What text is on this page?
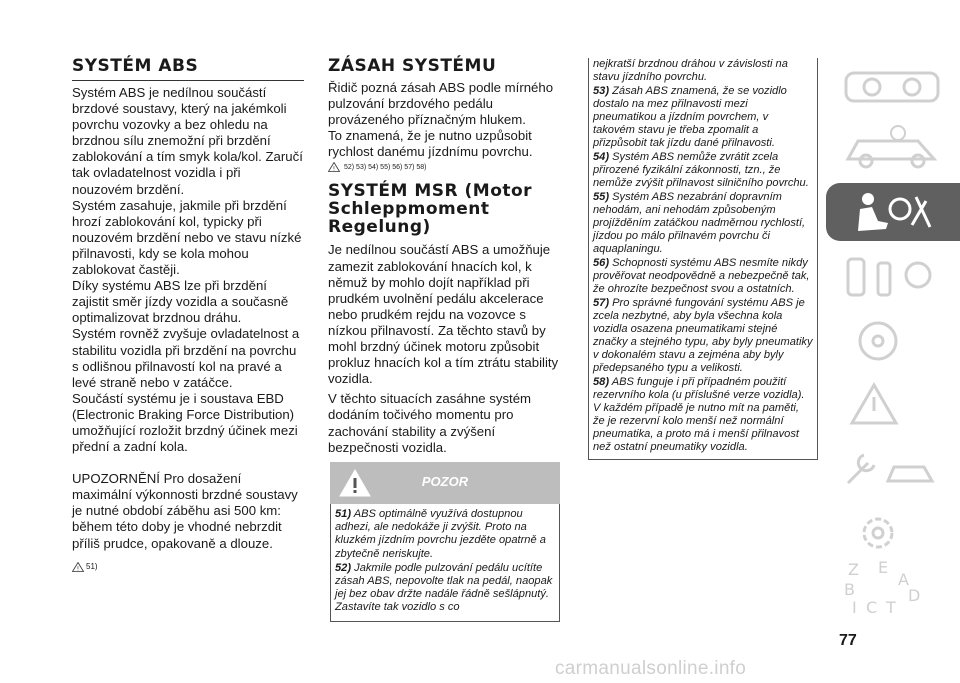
SYSTÉM ABS

Systém ABS je nedílnou součástí brzdové soustavy, který na jakémkoli povrchu vozovky a bez ohledu na brzdnou sílu znemožní při brzdění zablokování a tím smyk kola/kol. Zaručí tak ovladatelnost vozidla i při nouzovém brzdění.
Systém zasahuje, jakmile při brzdění hrozí zablokování kol, typicky při nouzovém brzdění nebo ve stavu nízké přilnavosti, kdy se kola mohou zablokovat častěji.
Díky systému ABS lze při brzdění zajistit směr jízdy vozidla a současně optimalizovat brzdnou dráhu.
Systém rovněž zvyšuje ovladatelnost a stabilitu vozidla při brzdění na povrchu s odlišnou přilnavostí kol na pravé a levé straně nebo v zatáčce.
Součástí systému je i soustava EBD (Electronic Braking Force Distribution) umožňující rozložit brzdný účinek mezi přední a zadní kola.
UPOZORNĚNÍ Pro dosažení maximální výkonnosti brzdné soustavy je nutné období záběhu asi 500 km: během této doby je vhodné nebrzdit příliš prudce, opakovaně a dlouze.

! 51)
ZÁSAH SYSTÉMU

Řidič pozná zásah ABS podle mírného pulzování brzdového pedálu provázeného příznačným hlukem.
To znamená, že je nutno uzpůsobit rychlost danému jízdnímu povrchu.

! 52) 53) 54) 55) 56) 57) 58)
SYSTÉM MSR (Motor Schleppmoment Regelung)

Je nedílnou součástí ABS a umožňuje zamezit zablokování hnacích kol, k němuž by mohlo dojít například při prudkém uvolnění pedálu akcelerace nebo prudkém rejdu na vozovce s nízkou přilnavostí. Za těchto stavů by mohl brzdný účinek motoru způsobit prokluz hnacích kol a tím ztrátu stability vozidla.
V těchto situacích zasáhne systém dodáním točivého momentu pro zachování stability a zvýšení bezpečnosti vozidla.

POZOR

51) ABS optimálně využívá dostupnou adhezi, ale nedokáže ji zvýšit. Proto na kluzkém jízdním povrchu jezděte opatrně a zbytečně neriskujte.

52) Jakmile podle pulzování pedálu ucítíte zásah ABS, nepovolte tlak na pedál, naopak jej bez obav držte nadále řádně sešlápnutý. Zastavíte tak vozidlo s co

nejkratší brzdnou dráhou v závislosti na stavu jízdního povrchu.

53) Zásah ABS znamená, že se vozidlo dostalo na mez přilnavosti mezi pneumatikou a jízdním povrchem, v takovém stavu je třeba zpomalit a přizpůsobit tak jízdu dané přilnavosti.

54) Systém ABS nemůže zvrátit zcela přirozené fyzikální zákonnosti, tzn., že nemůže zvýšit přilnavost silničního povrchu.

55) Systém ABS nezabrání dopravním nehodám, ani nehodám způsobeným projížděním zatáčkou nadměrnou rychlostí, jízdou po málo přilnavém povrchu či aquaplaningu.

56) Schopnosti systému ABS nesmíte nikdy prověřovat neodpovědně a nebezpečně tak, že ohrozíte bezpečnost svou a ostatních.

57) Pro správné fungování systému ABS je zcela nezbytné, aby byla všechna kola vozidla osazena pneumatikami stejné značky a stejného typu, aby byly pneumatiky v dokonalém stavu a zejména aby byly předepsaného typu a velikosti.

58) ABS funguje i při případném použití rezervního kola (u příslušné verze vozidla). V každém případě je nutno mít na paměti, že je rezervní kolo menší než normální pneumatika, a proto má i menší přilnavost než ostatní pneumatiky vozidla.

Z E
A
B	D
I C T
77
carmanualsonline.info
